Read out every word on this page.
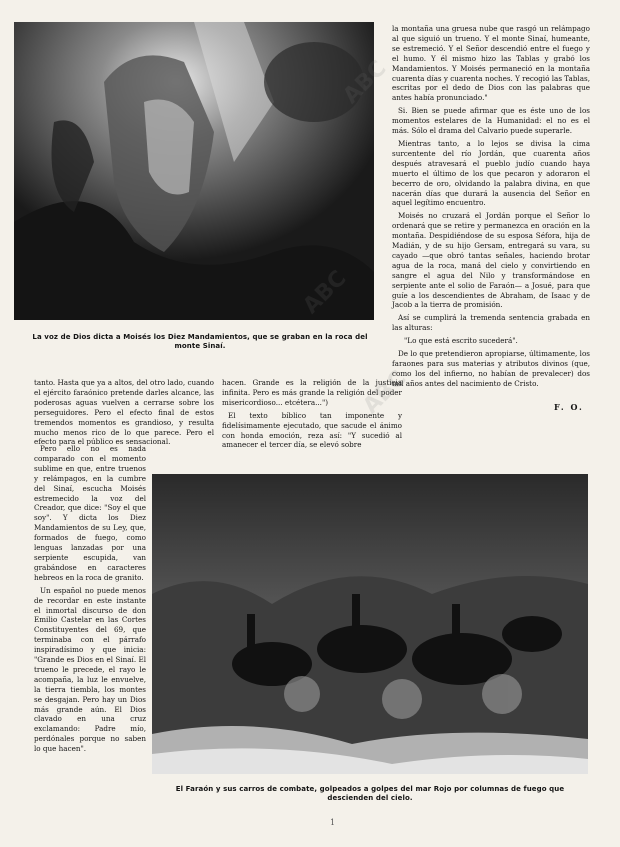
La voz de Dios dicta a Moisés los Diez Mandamientos, que se graban en la roca del monte Sinaí.

la montaña una gruesa nube que rasgó un relámpago al que siguió un trueno. Y el monte Sinaí, humeante, se estremeció. Y el Señor descendió entre el fuego y el humo. Y él mismo hizo las Tablas y grabó los Mandamientos. Y Moisés permaneció en la montaña cuarenta días y cuarenta noches. Y recogió las Tablas, escritas por el dedo de Dios con las palabras que antes había pronunciado."

Si. Bien se puede afirmar que es éste uno de los momentos estelares de la Humanidad: el no es el más. Sólo el drama del Calvario puede superarle.

Mientras tanto, a lo lejos se divisa la cima surcentente del río Jordán, que cuarenta años después atravesará el pueblo judío cuando haya muerto el último de los que pecaron y adoraron el becerro de oro, olvidando la palabra divina, en que nacerán días que durará la ausencia del Señor en aquel legítimo encuentro.

Moisés no cruzará el Jordán porque el Señor lo ordenará que se retire y permanezca en oración en la montaña. Despidiéndose de su esposa Séfora, hija de Madián, y de su hijo Gersam, entregará su vara, su cayado —que obró tantas señales, haciendo brotar agua de la roca, maná del cielo y convirtiendo en sangre el agua del Nilo y transformándose en serpiente ante el solio de Faraón— a Josué, para que guíe a los descendientes de Abraham, de Isaac y de Jacob a la tierra de promisión.

Así se cumplirá la tremenda sentencia grabada en las alturas:

"Lo que está escrito sucederá".

De lo que pretendieron apropiarse, últimamente, los faraones para sus materias y atributos divinos (que, como los del infierno, no habían de prevalecer) dos mil años antes del nacimiento de Cristo.

F. O.

tanto. Hasta que ya a altos, del otro lado, cuando el ejército faraónico pretende darles alcance, las poderosas aguas vuelven a cerrarse sobre los perseguidores. Pero el efecto final de estos tremendos momentos es grandioso, y resulta mucho menos rico de lo que parece. Pero el efecto para el público es sensacional.

Pero ello no es nada comparado con el momento sublime en que, entre truenos y relámpagos, en la cumbre del Sinaí, escucha Moisés estremecido la voz del Creador, que dice: "Soy el que soy". Y dicta los Diez Mandamientos de su Ley, que, formados de fuego, como lenguas lanzadas por una serpiente escupida, van grabándose en caracteres hebreos en la roca de granito.

Un español no puede menos de recordar en este instante el inmortal discurso de don Emilio Castelar en las Cortes Constituyentes del 69, que terminaba con el párrafo inspiradísimo y que inicia: "Grande es Dios en el Sinaí. El trueno le precede, el rayo le acompaña, la luz le envuelve, la tierra tiembla, los montes se desgajan. Pero hay un Dios más grande aún. El Dios clavado en una cruz exclamando: Padre mío, perdónales porque no saben lo que hacen".

hacen. Grande es la religión de la justicia infinita. Pero es más grande la religión del poder misericordioso... etcétera...")

El texto bíblico tan imponente y fidelísimamente ejecutado, que sacude el ánimo con honda emoción, reza así: "Y sucedió al amanecer el tercer día, se elevó sobre

El Faraón y sus carros de combate, golpeados a golpes del mar Rojo por columnas de fuego que descienden del cielo.
ABC
ABC
ABC
1
